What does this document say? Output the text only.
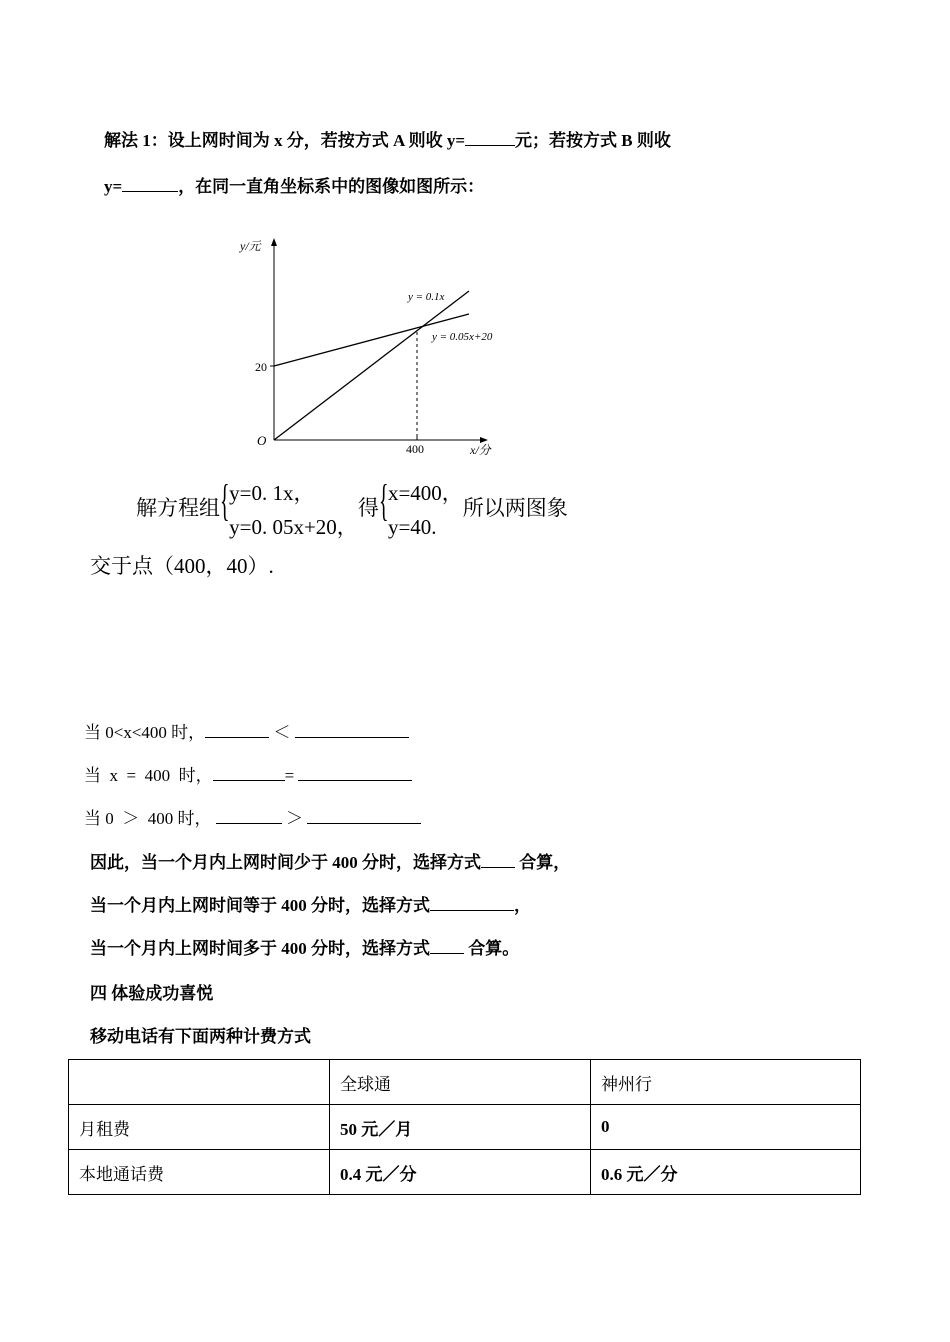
解法 1：设上网时间为 x 分，若按方式 A 则收 y=	元；若按方式 B 则收
y=	，在同一直角坐标系中的图像如图所示：
y/元
O
20
400	x/分
y = 0.1x
y = 0.05x+20
解方程组{y=0. 1x，
y=0. 05x+20，得{x=400，
y=40.所以两图象
交于点（400，40）.
当 0<x<400 时，	＜
当  x  =  400  时，	=
当 0  ＞  400 时，	＞
因此，当一个月内上网时间少于 400 分时，选择方式 合算，
当一个月内上网时间等于 400 分时，选择方式	，
当一个月内上网时间多于 400 分时，选择方式 合算。
四 体验成功喜悦
移动电话有下面两种计费方式
	全球通	神州行
月租费	50 元／月	0
本地通话费	0.4 元／分	0.6 元／分
